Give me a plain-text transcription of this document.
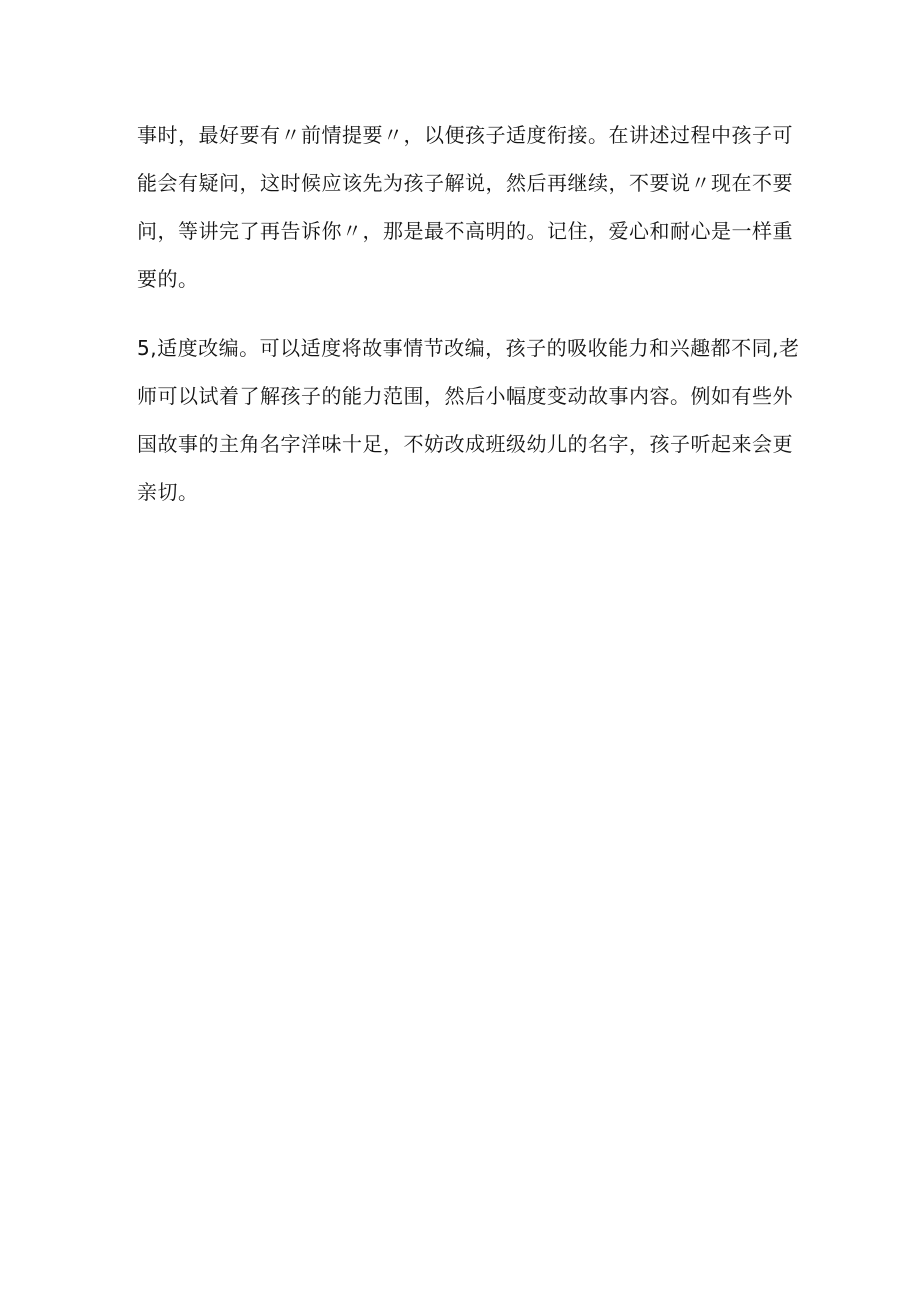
事时，最好要有〃前情提要〃，以便孩子适度衔接。在讲述过程中孩子可
能会有疑问，这时候应该先为孩子解说，然后再继续，不要说〃现在不要
问，等讲完了再告诉你〃，那是最不高明的。记住，爱心和耐心是一样重
要的。

5,适度改编。可以适度将故事情节改编，孩子的吸收能力和兴趣都不同,老
师可以试着了解孩子的能力范围，然后小幅度变动故事内容。例如有些外
国故事的主角名字洋味十足，不妨改成班级幼儿的名字，孩子听起来会更
亲切。
